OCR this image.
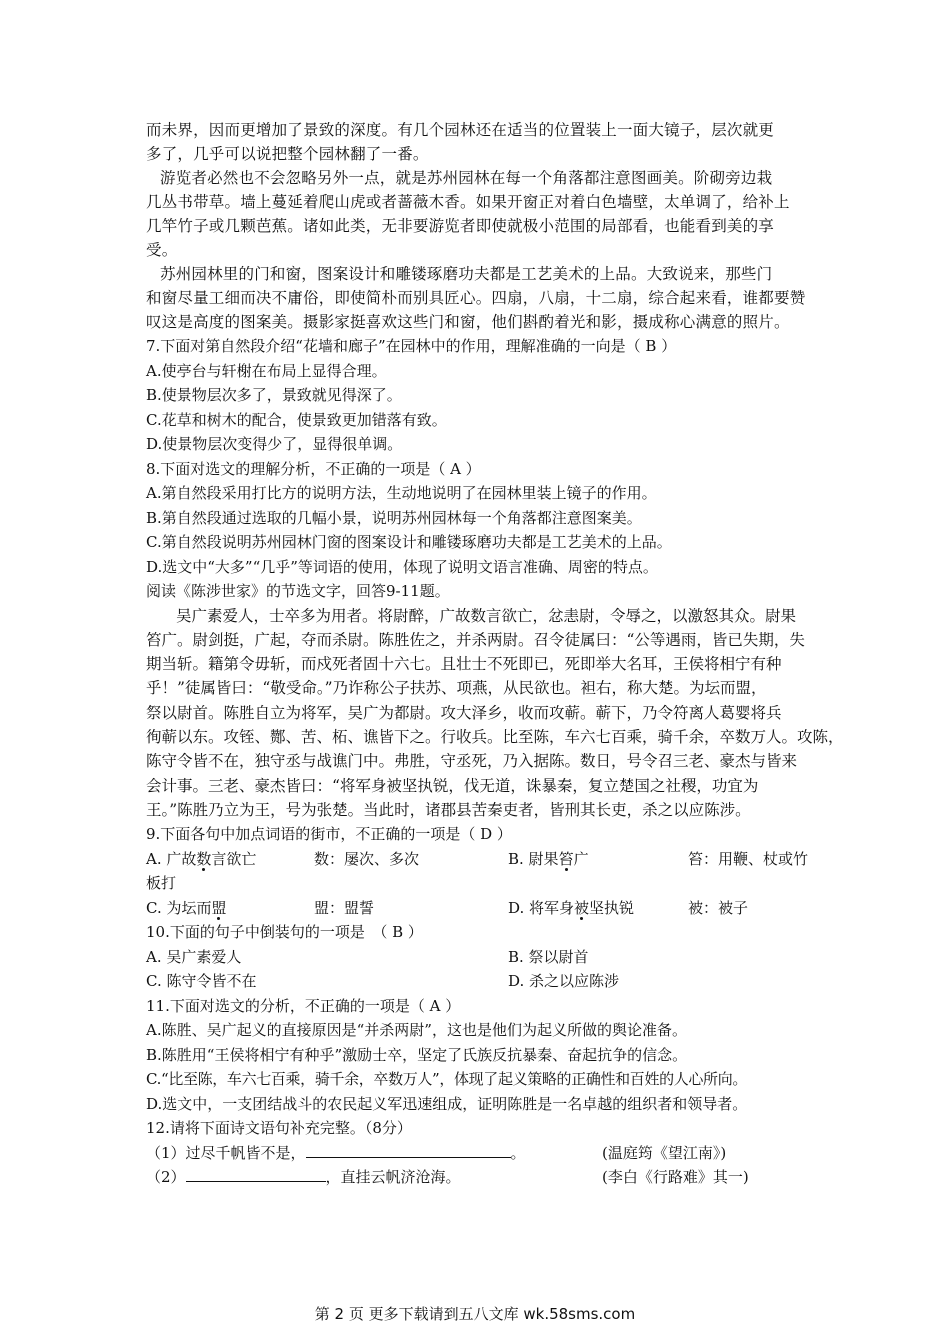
而未界，因而更增加了景致的深度。有几个园林还在适当的位置装上一面大镜子，层次就更
多了，几乎可以说把整个园林翻了一番。

游览者必然也不会忽略另外一点，就是苏州园林在每一个角落都注意图画美。阶砌旁边栽
几丛书带草。墙上蔓延着爬山虎或者蔷薇木香。如果开窗正对着白色墙壁，太单调了，给补上
几竿竹子或几颗芭蕉。诸如此类，无非要游览者即使就极小范围的局部看，也能看到美的享
受。

苏州园林里的门和窗，图案设计和雕镂琢磨功夫都是工艺美术的上品。大致说来，那些门
和窗尽量工细而决不庸俗，即使简朴而别具匠心。四扇，八扇，十二扇，综合起来看，谁都要赞
叹这是高度的图案美。摄影家挺喜欢这些门和窗，他们斟酌着光和影，摄成称心满意的照片。

7.下面对第自然段介绍“花墙和廊子”在园林中的作用，理解准确的一向是（ B ）

A.使亭台与轩榭在布局上显得合理。

B.使景物层次多了，景致就见得深了。

C.花草和树木的配合，使景致更加错落有致。

D.使景物层次变得少了，显得很单调。

8.下面对选文的理解分析，不正确的一项是（ A ）

A.第自然段采用打比方的说明方法，生动地说明了在园林里装上镜子的作用。

B.第自然段通过选取的几幅小景，说明苏州园林每一个角落都注意图案美。

C.第自然段说明苏州园林门窗的图案设计和雕镂琢磨功夫都是工艺美术的上品。

D.选文中“大多”“几乎”等词语的使用，体现了说明文语言准确、周密的特点。

阅读《陈涉世家》的节选文字，回答9-11题。

吴广素爱人，士卒多为用者。将尉醉，广故数言欲亡，忿恚尉，令辱之，以激怒其众。尉果
笞广。尉剑挺，广起，夺而杀尉。陈胜佐之，并杀两尉。召令徒属曰：“公等遇雨，皆已失期，失
期当斩。籍第令毋斩，而戍死者固十六七。且壮士不死即已，死即举大名耳，王侯将相宁有种
乎！”徒属皆曰：“敬受命。”乃诈称公子扶苏、项燕，从民欲也。袒右，称大楚。为坛而盟，
祭以尉首。陈胜自立为将军，吴广为都尉。攻大泽乡，收而攻蕲。蕲下，乃令符离人葛婴将兵
徇蕲以东。攻铚、酂、苦、柘、谯皆下之。行收兵。比至陈，车六七百乘，骑千余，卒数万人。攻陈，
陈守令皆不在，独守丞与战谯门中。弗胜，守丞死，乃入据陈。数日，号令召三老、豪杰与皆来
会计事。三老、豪杰皆曰：“将军身被坚执锐，伐无道，诛暴秦，复立楚国之社稷，功宜为
王。”陈胜乃立为王，号为张楚。当此时，诸郡县苦秦吏者，皆刑其长吏，杀之以应陈涉。

9.下面各句中加点词语的街市，不正确的一项是（ D ）

A. 广故数言欲亡	数：屡次、多次	B. 尉果笞广	笞：用鞭、杖或竹

板打

C. 为坛而盟	盟：盟誓	D. 将军身被坚执锐	被：被子

10.下面的句子中倒装句的一项是　（ B ）

A. 吴广素爱人	B. 祭以尉首
C. 陈守令皆不在	D. 杀之以应陈涉

11.下面对选文的分析，不正确的一项是（ A ）

A.陈胜、吴广起义的直接原因是“并杀两尉”，这也是他们为起义所做的舆论准备。

B.陈胜用“王侯将相宁有种乎”激励士卒，坚定了氏族反抗暴秦、奋起抗争的信念。

C.“比至陈，车六七百乘，骑千余，卒数万人”，体现了起义策略的正确性和百姓的人心所向。

D.选文中，一支团结战斗的农民起义军迅速组成，证明陈胜是一名卓越的组织者和领导者。

12.请将下面诗文语句补充完整。（8分）

（1）过尽千帆皆不是，	。	(温庭筠《望江南》)
（2）	，直挂云帆济沧海。	(李白《行路难》其一)
第 2 页 更多下载请到五八文库 wk.58sms.com
